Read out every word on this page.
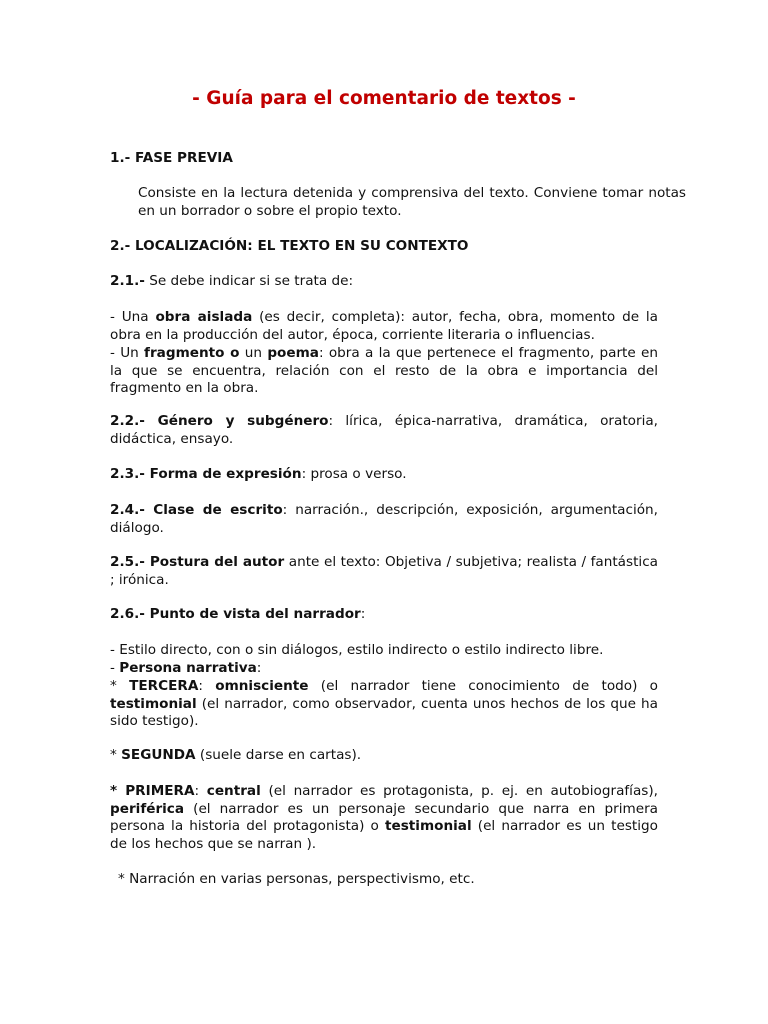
- Guía para el comentario de textos -
1.- FASE PREVIA
Consiste en la lectura detenida y comprensiva del texto. Conviene tomar notas en un borrador o sobre el propio texto.
2.- LOCALIZACIÓN: EL TEXTO EN SU CONTEXTO
2.1.- Se debe indicar si se trata de:
- Una obra aislada (es decir, completa): autor, fecha, obra, momento de la obra en la producción del autor, época, corriente literaria o influencias.
- Un fragmento o un poema: obra a la que pertenece el fragmento, parte en la que se encuentra, relación con el resto de la obra e importancia del fragmento en la obra.
2.2.- Género y subgénero: lírica, épica-narrativa, dramática, oratoria, didáctica, ensayo.
2.3.- Forma de expresión: prosa o verso.
2.4.- Clase de escrito: narración., descripción, exposición, argumentación, diálogo.
2.5.- Postura del autor ante el texto: Objetiva / subjetiva; realista / fantástica ; irónica.
2.6.- Punto de vista del narrador:
- Estilo directo, con o sin diálogos, estilo indirecto o estilo indirecto libre.
- Persona narrativa:
* TERCERA: omnisciente (el narrador tiene conocimiento de todo) o testimonial (el narrador, como observador, cuenta unos hechos de los que ha sido testigo).
* SEGUNDA (suele darse en cartas).
* PRIMERA: central (el narrador es protagonista, p. ej. en autobiografías), periférica (el narrador es un personaje secundario que narra en primera persona la historia del protagonista) o testimonial (el narrador es un testigo de los hechos que se narran ).
* Narración en varias personas, perspectivismo, etc.
